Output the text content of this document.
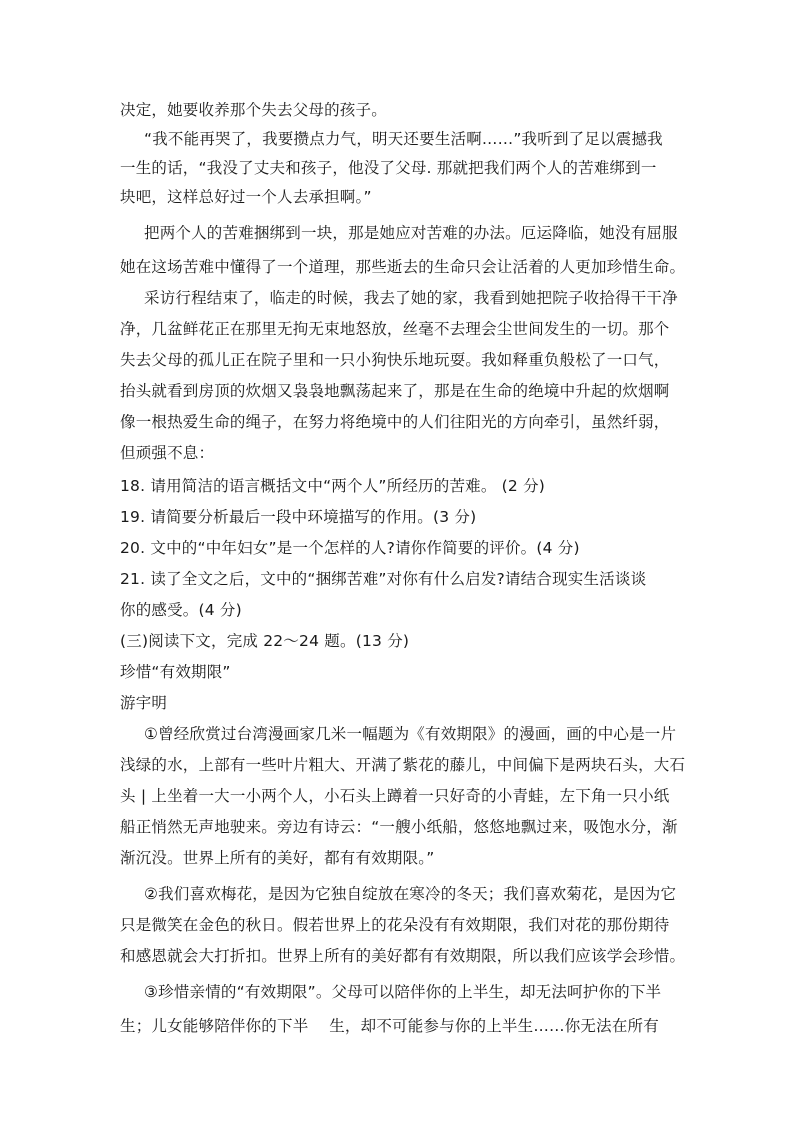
决定，她要收养那个失去父母的孩子。
“我不能再哭了，我要攒点力气，明天还要生活啊……”我听到了足以震撼我
一生的话，“我没了丈夫和孩子，他没了父母. 那就把我们两个人的苦难绑到一
块吧，这样总好过一个人去承担啊。”
把两个人的苦难捆绑到一块，那是她应对苦难的办法。厄运降临，她没有屈服
她在这场苦难中懂得了一个道理，那些逝去的生命只会让活着的人更加珍惜生命。
采访行程结束了，临走的时候，我去了她的家，我看到她把院子收拾得干干净
净，几盆鲜花正在那里无拘无束地怒放，丝毫不去理会尘世间发生的一切。那个
失去父母的孤儿正在院子里和一只小狗快乐地玩耍。我如释重负般松了一口气，
抬头就看到房顶的炊烟又袅袅地飘荡起来了，那是在生命的绝境中升起的炊烟啊
像一根热爱生命的绳子，在努力将绝境中的人们往阳光的方向牵引，虽然纤弱，
但顽强不息：
18. 请用简洁的语言概括文中“两个人”所经历的苦难。 (2 分)
19. 请简要分析最后一段中环境描写的作用。(3 分)
20. 文中的“中年妇女”是一个怎样的人?请你作简要的评价。(4 分)
21. 读了全文之后，文中的“捆绑苦难”对你有什么启发?请结合现实生活谈谈
你的感受。(4 分)
(三)阅读下文，完成 22～24 题。(13 分)
珍惜“有效期限”
游宇明
①曾经欣赏过台湾漫画家几米一幅题为《有效期限》的漫画，画的中心是一片
浅绿的水，上部有一些叶片粗大、开满了紫花的藤儿，中间偏下是两块石头，大石
头 | 上坐着一大一小两个人，小石头上蹲着一只好奇的小青蛙，左下角一只小纸
船正悄然无声地驶来。旁边有诗云：“一艘小纸船，悠悠地飘过来，吸饱水分，渐
渐沉没。世界上所有的美好，都有有效期限。”
②我们喜欢梅花，是因为它独自绽放在寒冷的冬天；我们喜欢菊花，是因为它
只是微笑在金色的秋日。假若世界上的花朵没有有效期限，我们对花的那份期待
和感恩就会大打折扣。世界上所有的美好都有有效期限，所以我们应该学会珍惜。
③珍惜亲情的“有效期限”。父母可以陪伴你的上半生，却无法呵护你的下半
生；儿女能够陪伴你的下半　 生，却不可能参与你的上半生……你无法在所有
